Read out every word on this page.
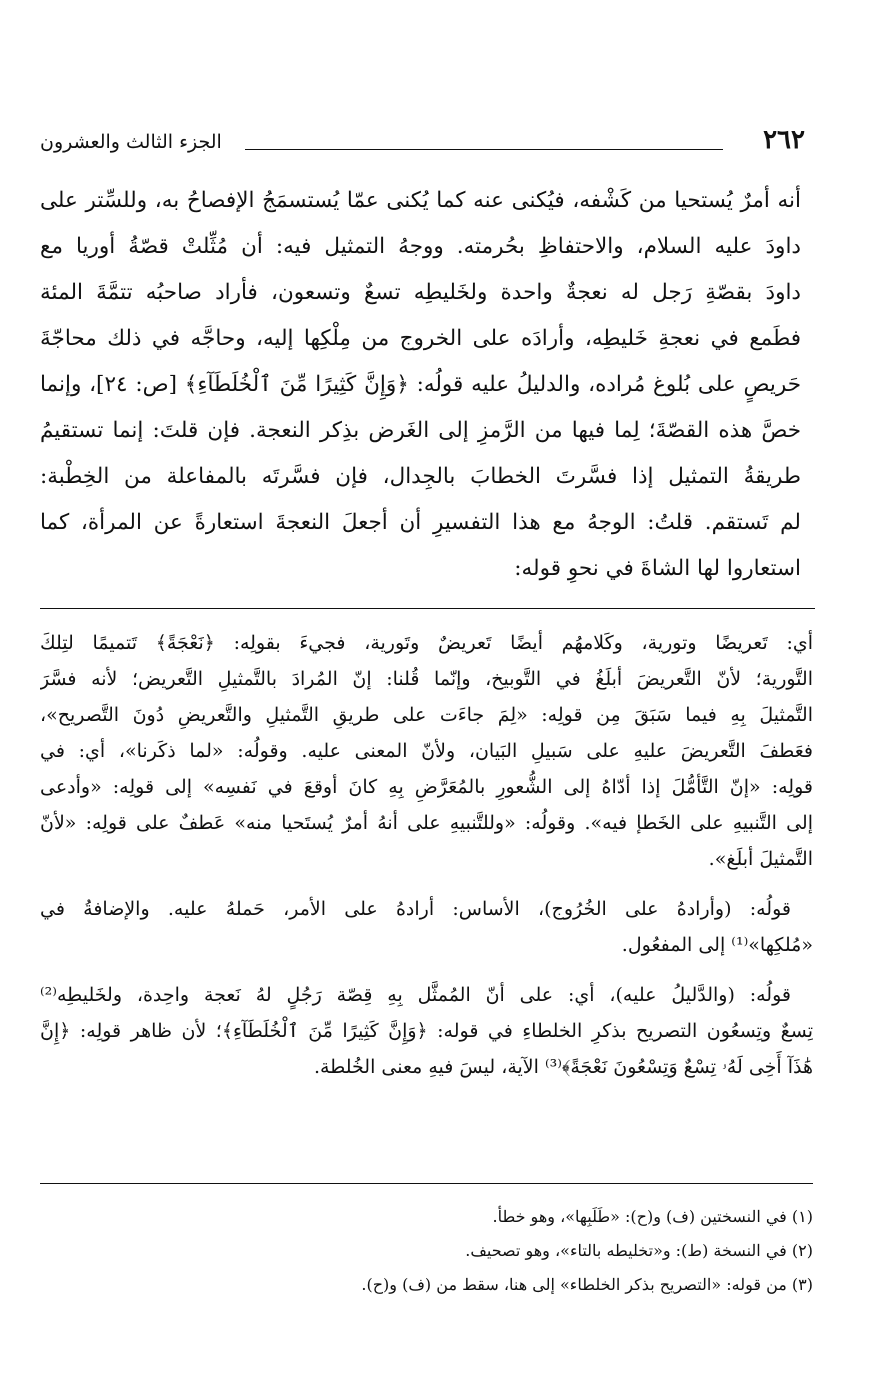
٢٦٢
الجزء الثالث والعشرون
أنه أمرٌ يُستحيا من كَشْفه، فيُكنى عنه كما يُكنى عمّا يُستسمَجُ الإفصاحُ به، وللسِّتر على
داودَ عليه السلام، والاحتفاظِ بحُرمته. ووجهُ التمثيل فيه: أن مُثِّلتْ قصّةُ أوريا مع
داودَ بقصّةِ رَجل له نعجةٌ واحدة ولخَليطِه تسعٌ وتسعون، فأراد صاحبُه تتمَّةَ المئة
فطَمع في نعجةِ خَليطِه، وأرادَه على الخروج من مِلْكِها إليه، وحاجَّه في ذلك محاجّةَ
حَريصٍ على بُلوغ مُراده، والدليلُ عليه قولُه: ﴿وَإِنَّ كَثِيرًا مِّنَ ٱلْخُلَطَآءِ﴾ [ص: ٢٤]، وإنما
خصَّ هذه القصّةَ؛ لِما فيها من الرَّمزِ إلى الغَرض بذِكر النعجة. فإن قلتَ: إنما تستقيمُ
طريقةُ التمثيل إذا فسَّرتَ الخطابَ بالجِدال، فإن فسَّرتَه بالمفاعلة من الخِطْبة:
لم تَستقم. قلتُ: الوجهُ مع هذا التفسيرِ أن أجعلَ النعجةَ استعارةً عن المرأة، كما
استعاروا لها الشاةَ في نحوِ قوله:
أي: تَعريضًا وتورية، وكَلامهُم أيضًا تَعريضٌ وتَورية، فجيءَ بقولِه: ﴿نَعْجَةً﴾ تَتميمًا لتِلكَ
التَّورية؛ لأنّ التَّعريضَ أبلَغُ في التَّوبيخ، وإنّما قُلنا: إنّ المُرادَ بالتَّمثيلِ التَّعريض؛ لأنه فسَّرَ
التَّمثيلَ بِهِ فيما سَبَقَ مِن قولِه: «لِمَ جاءَت على طريقِ التَّمثيلِ والتَّعريضِ دُونَ التَّصريح»،
فعَطفَ التَّعريضَ عليهِ على سَبيلِ البَيان، ولأنّ المعنى عليه. وقولُه: «لما ذكَرنا»، أي: في
قولِه: «إنّ التَّأمُّلَ إذا أدّاهُ إلى الشُّعورِ بالمُعَرَّضِ بِهِ كانَ أوقعَ في نَفسِه» إلى قولِه: «وأدعى
إلى التَّنبيهِ على الخَطإ فيه». وقولُه: «وللتَّنبيهِ على أنهُ أمرٌ يُستَحيا منه» عَطفٌ على قولِه: «لأنّ
التَّمثيلَ أبلَغ».
قولُه: (وأرادهُ على الخُرُوج)، الأساس: أرادهُ على الأمر، حَملهُ عليه. والإضافةُ في
«مُلكِها»⁽¹⁾ إلى المفعُول.
قولُه: (والدَّليلُ عليه)، أي: على أنّ المُمثَّل بِهِ قِصّة رَجُلٍ لهُ نَعجة واحِدة، ولخَليطِه⁽²⁾
تِسعٌ وتِسعُون التصريح بذكرِ الخلطاءِ في قوله: ﴿وَإِنَّ كَثِيرًا مِّنَ ٱلْخُلَطَآءِ﴾؛ لأن ظاهر قولِه: ﴿إِنَّ
هَٰذَآ أَخِى لَهُۥ تِسْعٌ وَتِسْعُونَ نَعْجَةً﴾⁽³⁾ الآية، ليسَ فيهِ معنى الخُلطة.
(١) في النسختين (ف) و(ح): «طَلَبِها»، وهو خطأ.
(٢) في النسخة (ط): و«تخليطه بالتاء»، وهو تصحيف.
(٣) من قوله: «التصريح بذكر الخلطاء» إلى هنا، سقط من (ف) و(ح).
